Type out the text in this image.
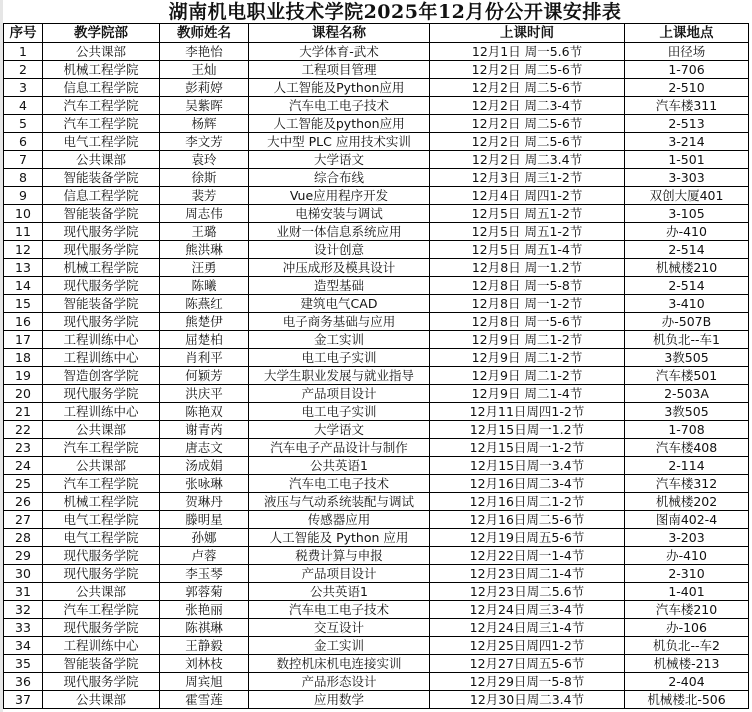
湖南机电职业技术学院2025年12月份公开课安排表
序号	教学院部	教师姓名	课程名称	上课时间	上课地点
1	公共课部	李艳怡	大学体育-武术	12月1日 周一5.6节	田径场
2	机械工程学院	王灿	工程项目管理	12月2日 周二5-6节	1-706
3	信息工程学院	彭莉婷	人工智能及Python应用	12月2日 周二5-6节	2-510
4	汽车工程学院	吴紫晖	汽车电工电子技术	12月2日 周二3-4节	汽车楼311
5	汽车工程学院	杨辉	人工智能及python应用	12月2日 周二5-6节	2-513
6	电气工程学院	李文芳	大中型 PLC 应用技术实训	12月2日 周二5-6节	3-214
7	公共课部	袁玲	大学语文	12月2日 周二3.4节	1-501
8	智能装备学院	徐斯	综合布线	12月3日 周三1-2节	3-303
9	信息工程学院	裴芳	Vue应用程序开发	12月4日 周四1-2节	双创大厦401
10	智能装备学院	周志伟	电梯安装与调试	12月5日 周五1-2节	3-105
11	现代服务学院	王璐	业财一体信息系统应用	12月5日 周五1-2节	办-410
12	现代服务学院	熊洪琳	设计创意	12月5日 周五1-4节	2-514
13	机械工程学院	汪勇	冲压成形及模具设计	12月8日 周一1.2节	机械楼210
14	现代服务学院	陈曦	造型基础	12月8日 周一5-8节	2-514
15	智能装备学院	陈燕红	建筑电气CAD	12月8日 周一1-2节	3-410
16	现代服务学院	熊楚伊	电子商务基础与应用	12月8日 周一5-6节	办-507B
17	工程训练中心	屈楚柏	金工实训	12月9日 周二1-2节	机负北--车1
18	工程训练中心	肖利平	电工电子实训	12月9日 周二1-2节	3教505
19	智造创客学院	何颖芳	大学生职业发展与就业指导	12月9日 周二1-2节	汽车楼501
20	现代服务学院	洪庆平	产品项目设计	12月9日 周二1-4节	2-503A
21	工程训练中心	陈艳双	电工电子实训	12月11日周四1-2节	3教505
22	公共课部	谢青芮	大学语文	12月15日周一1.2节	1-708
23	汽车工程学院	唐志文	汽车电子产品设计与制作	12月15日周一1-2节	汽车楼408
24	公共课部	汤成娟	公共英语1	12月15日周一3.4节	2-114
25	汽车工程学院	张咏琳	汽车电工电子技术	12月16日周二3-4节	汽车楼312
26	机械工程学院	贺琳丹	液压与气动系统装配与调试	12月16日周二1-2节	机械楼202
27	电气工程学院	滕明星	传感器应用	12月16日周二5-6节	图南402-4
28	电气工程学院	孙娜	人工智能及 Python 应用	12月19日周五5-6节	3-203
29	现代服务学院	卢蓉	税费计算与申报	12月22日周一1-4节	办-410
30	现代服务学院	李玉琴	产品项目设计	12月23日周二1-4节	2-310
31	公共课部	郭蓉菊	公共英语1	12月23日周二5.6节	1-401
32	汽车工程学院	张艳丽	汽车电工电子技术	12月24日周三3-4节	汽车楼210
33	现代服务学院	陈祺琳	交互设计	12月24日周三1-4节	办-106
34	工程训练中心	王静毅	金工实训	12月25日周四1-2节	机负北--车2
35	智能装备学院	刘林枝	数控机床机电连接实训	12月27日周五5-6节	机械楼-213
36	现代服务学院	周宾旭	产品形态设计	12月29日周一5-8节	2-404
37	公共课部	霍雪莲	应用数学	12月30日周二3.4节	机械楼北-506
